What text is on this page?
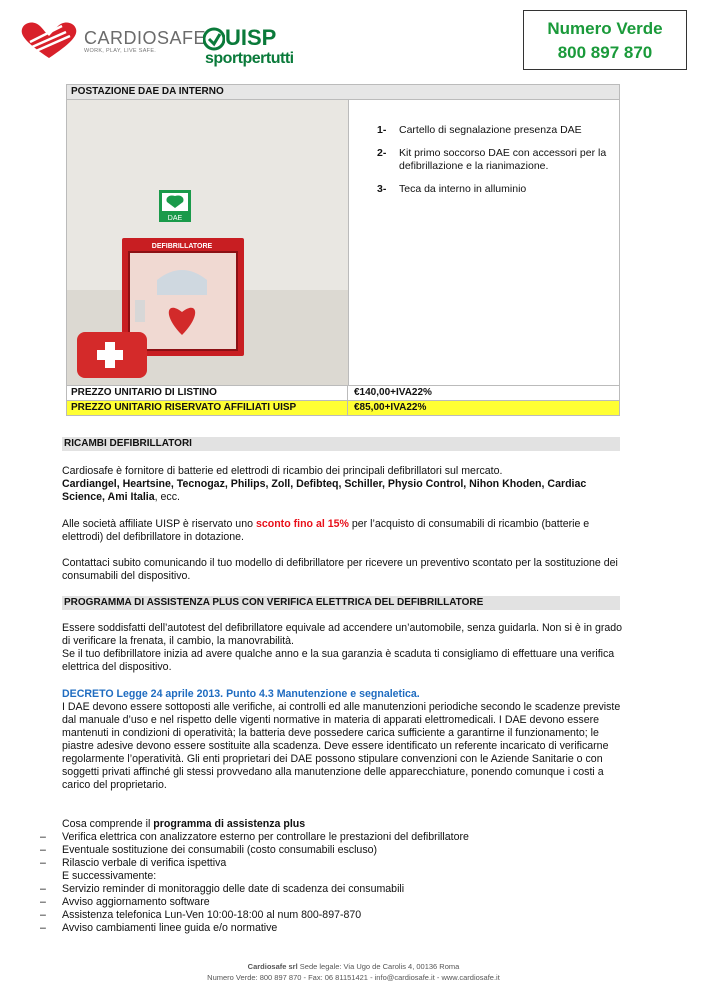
CARDIOSAFE
WORK, PLAY, LIVE SAFE.
UISP
sportpertutti
Numero Verde
800 897 870
POSTAZIONE DAE DA INTERNO
DAE
DEFIBRILLATORE
1-	Cartello di segnalazione presenza DAE
2-	Kit primo soccorso DAE con accessori per la defibrillazione e la rianimazione.
3-	Teca da interno in alluminio
PREZZO UNITARIO DI LISTINO	€140,00+IVA22%
PREZZO UNITARIO RISERVATO AFFILIATI UISP	€85,00+IVA22%
RICAMBI DEFIBRILLATORI
Cardiosafe è fornitore di batterie ed elettrodi di ricambio dei principali defibrillatori sul mercato.
Cardiangel, Heartsine, Tecnogaz, Philips, Zoll, Defibteq, Schiller, Physio Control, Nihon Khoden, Cardiac Science, Ami Italia, ecc.
Alle società affiliate UISP è riservato uno sconto fino al 15% per l’acquisto di consumabili di ricambio (batterie e elettrodi) del defibrillatore in dotazione.
Contattaci subito comunicando il tuo modello di defibrillatore per ricevere un preventivo scontato per la sostituzione dei consumabili del dispositivo.
PROGRAMMA DI ASSISTENZA PLUS CON VERIFICA ELETTRICA DEL DEFIBRILLATORE
Essere soddisfatti dell’autotest del defibrillatore equivale ad accendere un’automobile, senza guidarla. Non si è in grado di verificare la frenata, il cambio, la manovrabilità.
Se il tuo defibrillatore inizia ad avere qualche anno e la sua garanzia è scaduta ti consigliamo di effettuare una verifica elettrica del dispositivo.
DECRETO Legge 24 aprile 2013. Punto 4.3 Manutenzione e segnaletica.
I DAE devono essere sottoposti alle verifiche, ai controlli ed alle manutenzioni periodiche secondo le scadenze previste dal manuale d’uso e nel rispetto delle vigenti normative in materia di apparati elettromedicali. I DAE devono essere mantenuti in condizioni di operatività; la batteria deve possedere carica sufficiente a garantirne il funzionamento; le piastre adesive devono essere sostituite alla scadenza. Deve essere identificato un referente incaricato di verificarne regolarmente l’operatività. Gli enti proprietari dei DAE possono stipulare convenzioni con le Aziende Sanitarie o con soggetti privati affinché gli stessi provvedano alla manutenzione delle apparecchiature, ponendo comunque i costi a carico del proprietario.
Cosa comprende il programma di assistenza plus
–	Verifica elettrica con analizzatore esterno per controllare le prestazioni del defibrillatore
–	Eventuale sostituzione dei consumabili (costo consumabili escluso)
–	Rilascio verbale di verifica ispettiva
E successivamente:
–	Servizio reminder di monitoraggio delle date di scadenza dei consumabili
–	Avviso aggiornamento software
–	Assistenza telefonica Lun-Ven 10:00-18:00 al num 800-897-870
–	Avviso cambiamenti linee guida e/o normative
Cardiosafe srl Sede legale: Via Ugo de Carolis 4, 00136 Roma
Numero Verde: 800 897 870 - Fax: 06 81151421 - info@cardiosafe.it - www.cardiosafe.it
